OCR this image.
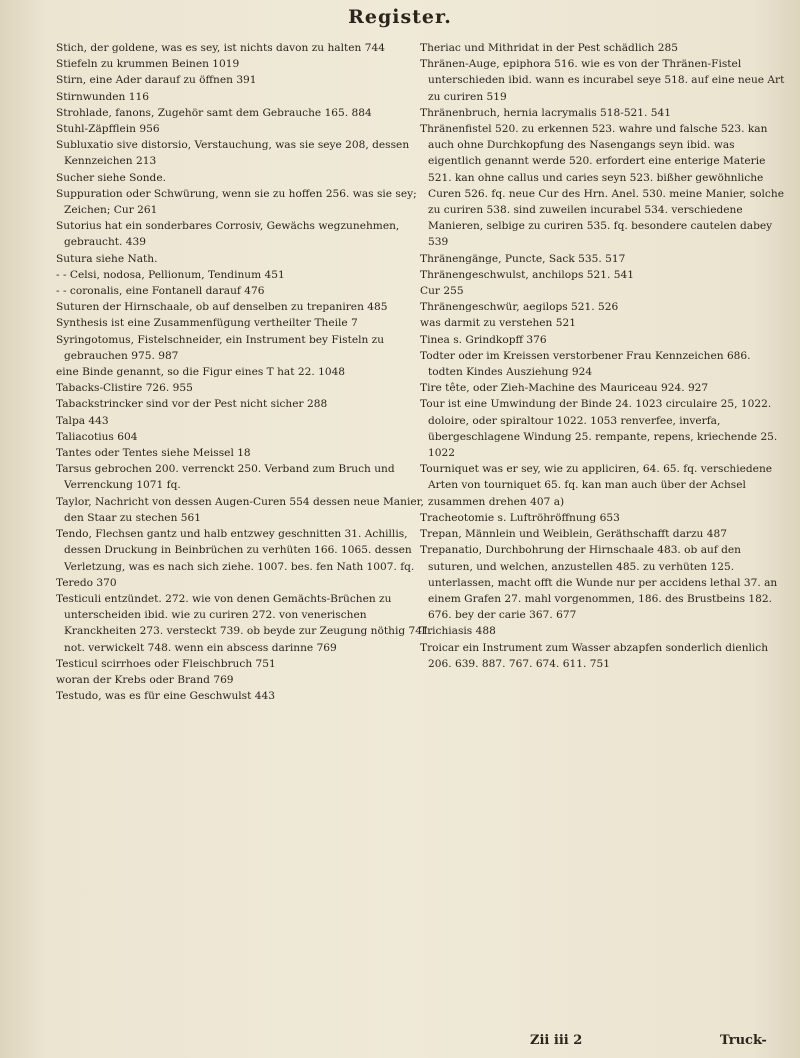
Register.

Stich, der goldene, was es sey, ist nichts davon zu halten 744

Stiefeln zu krummen Beinen 1019

Stirn, eine Ader darauf zu öffnen 391

Stirnwunden 116

Strohlade, fanons, Zugehör samt dem Gebrauche 165. 884

Stuhl-Zäpfflein 956

Subluxatio sive distorsio, Verstauchung, was sie seye 208, dessen Kennzeichen 213

Sucher siehe Sonde.

Suppuration oder Schwürung, wenn sie zu hoffen 256. was sie sey; Zeichen; Cur 261

Sutorius hat ein sonderbares Corrosiv, Gewächs wegzunehmen, gebraucht. 439

Sutura siehe Nath.

- - Celsi, nodosa, Pellionum, Tendinum 451

- - coronalis, eine Fontanell darauf 476

Suturen der Hirnschaale, ob auf denselben zu trepaniren 485

Synthesis ist eine Zusammenfügung vertheilter Theile 7

Syringotomus, Fistelschneider, ein Instrument bey Fisteln zu gebrauchen 975. 987

eine Binde genannt, so die Figur eines T hat 22. 1048

Tabacks-Clistire 726. 955

Tabackstrincker sind vor der Pest nicht sicher 288

Talpa 443

Taliacotius 604

Tantes oder Tentes siehe Meissel 18

Tarsus gebrochen 200. verrenckt 250. Verband zum Bruch und Verrenckung 1071 fq.

Taylor, Nachricht von dessen Augen-Curen 554 dessen neue Manier, den Staar zu stechen 561

Tendo, Flechsen gantz und halb entzwey geschnitten 31. Achillis, dessen Druckung in Beinbrüchen zu verhüten 166. 1065. dessen Verletzung, was es nach sich ziehe. 1007. bes. fen Nath 1007. fq.

Teredo 370

Testiculi entzündet. 272. wie von denen Gemächts-Brüchen zu unterscheiden ibid. wie zu curiren 272. von venerischen Kranckheiten 273. versteckt 739. ob beyde zur Zeugung nöthig 741. not. verwickelt 748. wenn ein abscess darinne 769

Testicul scirrhoes oder Fleischbruch 751

woran der Krebs oder Brand 769

Testudo, was es für eine Geschwulst 443

Theriac und Mithridat in der Pest schädlich 285

Thränen-Auge, epiphora 516. wie es von der Thränen-Fistel unterschieden ibid. wann es incurabel seye 518. auf eine neue Art zu curiren 519

Thränenbruch, hernia lacrymalis 518-521. 541

Thränenfistel 520. zu erkennen 523. wahre und falsche 523. kan auch ohne Durchkopfung des Nasengangs seyn ibid. was eigentlich genannt werde 520. erfordert eine enterige Materie 521. kan ohne callus und caries seyn 523. bißher gewöhnliche Curen 526. fq. neue Cur des Hrn. Anel. 530. meine Manier, solche zu curiren 538. sind zuweilen incurabel 534. verschiedene Manieren, selbige zu curiren 535. fq. besondere cautelen dabey 539

Thränengänge, Puncte, Sack 535. 517

Thränengeschwulst, anchilops 521. 541

Cur 255

Thränengeschwür, aegilops 521. 526

was darmit zu verstehen 521

Tinea s. Grindkopff 376

Todter oder im Kreissen verstorbener Frau Kennzeichen 686. todten Kindes Ausziehung 924

Tire tête, oder Zieh-Machine des Mauriceau 924. 927

Tour ist eine Umwindung der Binde 24. 1023 circulaire 25, 1022. doloire, oder spiraltour 1022. 1053 renverfee, inverfa, übergeschlagene Windung 25. rempante, repens, kriechende 25. 1022

Tourniquet was er sey, wie zu appliciren, 64. 65. fq. verschiedene Arten von tourniquet 65. fq. kan man auch über der Achsel zusammen drehen 407 a)

Tracheotomie s. Luftröhröffnung 653

Trepan, Männlein und Weiblein, Geräthschafft darzu 487

Trepanatio, Durchbohrung der Hirnschaale 483. ob auf den suturen, und welchen, anzustellen 485. zu verhüten 125. unterlassen, macht offt die Wunde nur per accidens lethal 37. an einem Grafen 27. mahl vorgenommen, 186. des Brustbeins 182. 676. bey der carie 367. 677

Trichiasis 488

Troicar ein Instrument zum Wasser abzapfen sonderlich dienlich 206. 639. 887. 767. 674. 611. 751

Zii iii 2	Truck-
